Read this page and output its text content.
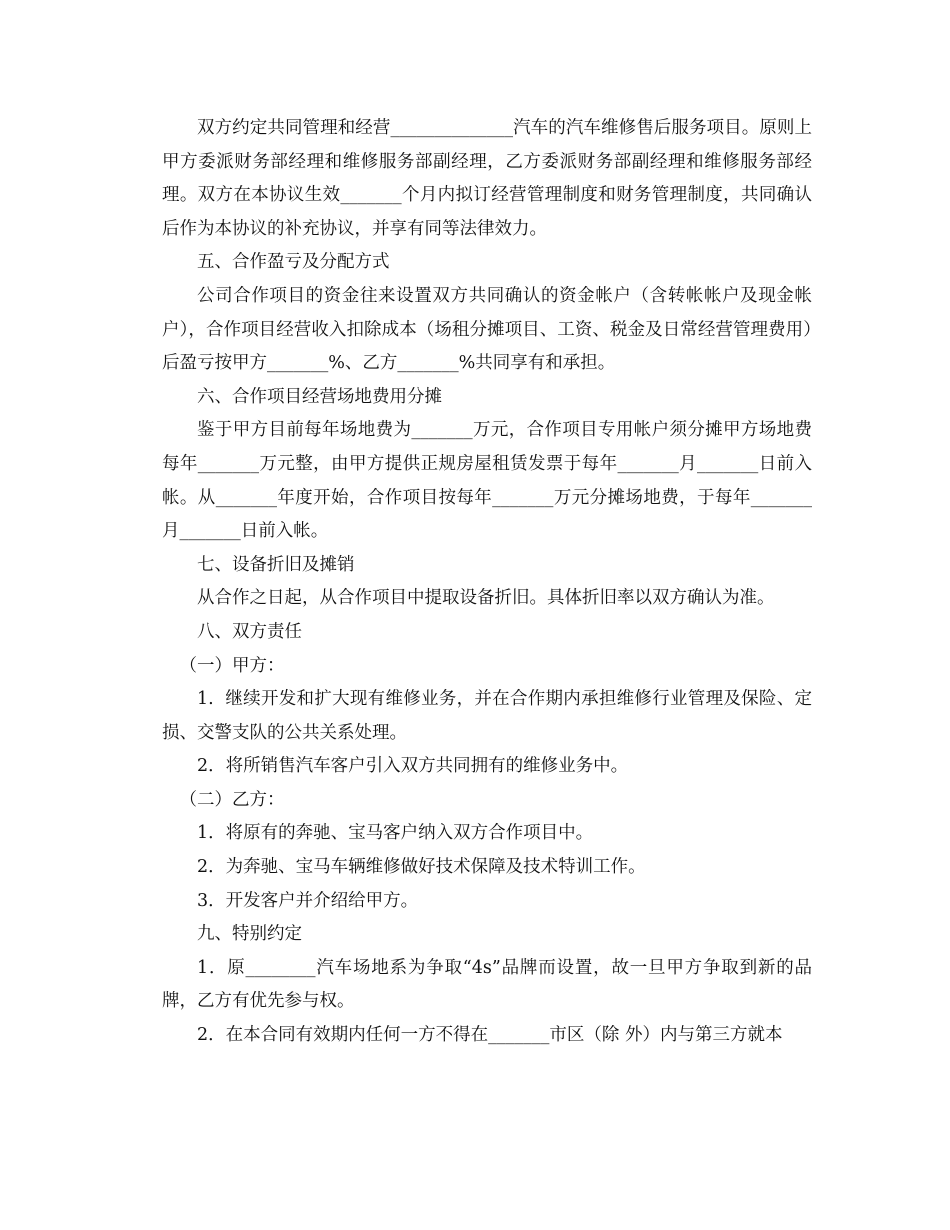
双方约定共同管理和经营______________汽车的汽车维修售后服务项目。原则上甲方委派财务部经理和维修服务部副经理，乙方委派财务部副经理和维修服务部经理。双方在本协议生效_______个月内拟订经营管理制度和财务管理制度，共同确认后作为本协议的补充协议，并享有同等法律效力。

五、合作盈亏及分配方式

公司合作项目的资金往来设置双方共同确认的资金帐户（含转帐帐户及现金帐户），合作项目经营收入扣除成本（场租分摊项目、工资、税金及日常经营管理费用）后盈亏按甲方_______%、乙方_______%共同享有和承担。

六、合作项目经营场地费用分摊

鉴于甲方目前每年场地费为_______万元，合作项目专用帐户须分摊甲方场地费每年_______万元整，由甲方提供正规房屋租赁发票于每年_______月_______日前入帐。从_______年度开始，合作项目按每年_______万元分摊场地费，于每年_______月_______日前入帐。

七、设备折旧及摊销

从合作之日起，从合作项目中提取设备折旧。具体折旧率以双方确认为准。

八、双方责任

（一）甲方：

1.  继续开发和扩大现有维修业务，并在合作期内承担维修行业管理及保险、定损、交警支队的公共关系处理。

2．将所销售汽车客户引入双方共同拥有的维修业务中。

（二）乙方：

1．将原有的奔驰、宝马客户纳入双方合作项目中。

2．为奔驰、宝马车辆维修做好技术保障及技术特训工作。

3．开发客户并介绍给甲方。

九、特别约定

1．原________汽车场地系为争取“4s”品牌而设置，故一旦甲方争取到新的品牌，乙方有优先参与权。

2．在本合同有效期内任何一方不得在_______市区（除 外）内与第三方就本
